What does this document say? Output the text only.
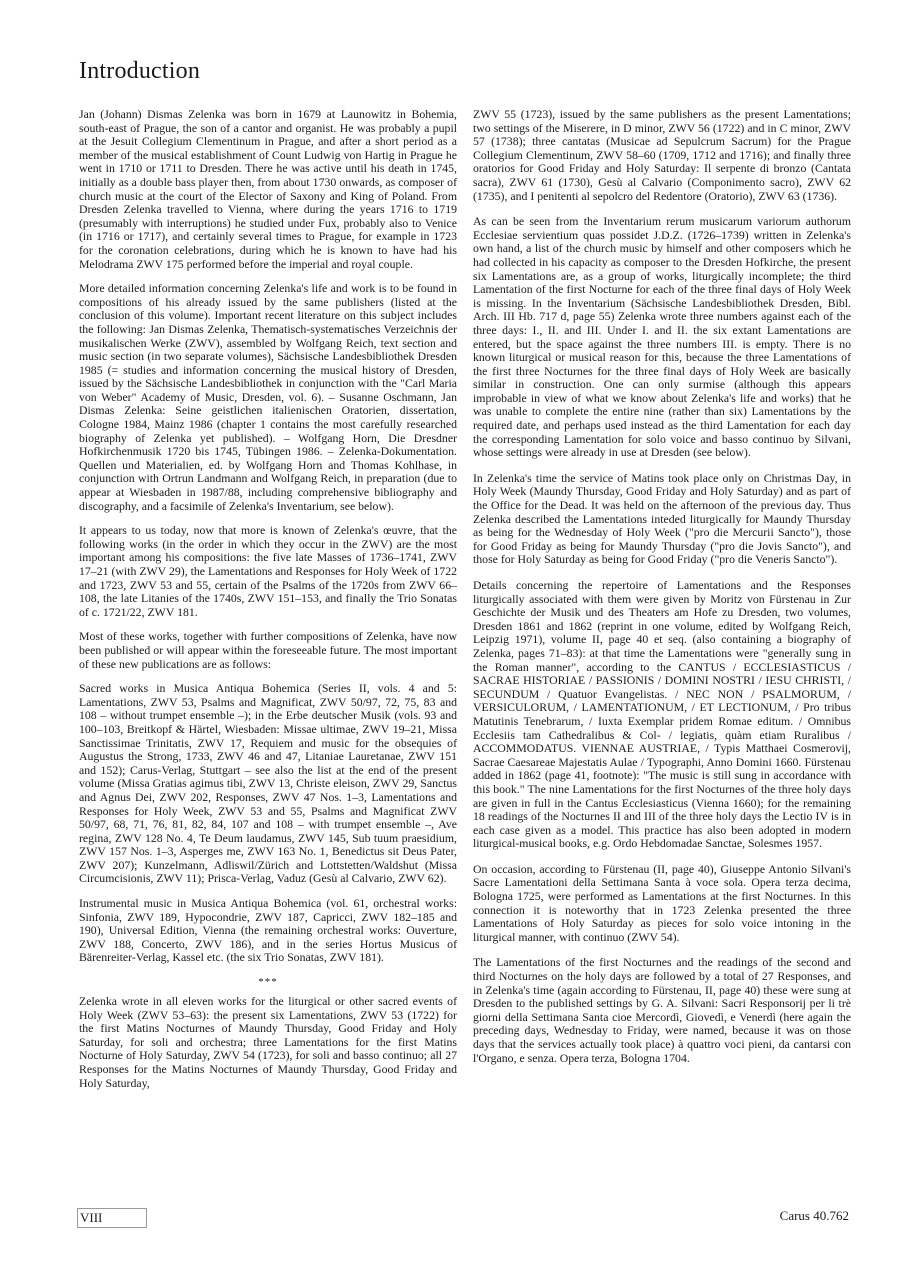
Introduction

Jan (Johann) Dismas Zelenka was born in 1679 at Launowitz in Bohemia, south-east of Prague, the son of a cantor and organist. He was probably a pupil at the Jesuit Collegium Clementinum in Prague, and after a short period as a member of the musical establishment of Count Ludwig von Hartig in Prague he went in 1710 or 1711 to Dresden. There he was active until his death in 1745, initially as a double bass player then, from about 1730 onwards, as composer of church music at the court of the Elector of Saxony and King of Poland. From Dresden Zelenka travelled to Vienna, where during the years 1716 to 1719 (presumably with interruptions) he studied under Fux, probably also to Venice (in 1716 or 1717), and certainly several times to Prague, for example in 1723 for the coronation celebrations, during which he is known to have had his Melodrama ZWV 175 performed before the imperial and royal couple.

More detailed information concerning Zelenka's life and work is to be found in compositions of his already issued by the same publishers (listed at the conclusion of this volume). Important recent literature on this subject includes the following: Jan Dismas Zelenka, Thematisch-systematisches Verzeichnis der musikalischen Werke (ZWV), assembled by Wolfgang Reich, text section and music section (in two separate volumes), Sächsische Landesbibliothek Dresden 1985 (= studies and information concerning the musical history of Dresden, issued by the Sächsische Landesbibliothek in conjunction with the "Carl Maria von Weber" Academy of Music, Dresden, vol. 6). – Susanne Oschmann, Jan Dismas Zelenka: Seine geistlichen italienischen Oratorien, dissertation, Cologne 1984, Mainz 1986 (chapter 1 contains the most carefully researched biography of Zelenka yet published). – Wolfgang Horn, Die Dresdner Hofkirchenmusik 1720 bis 1745, Tübingen 1986. – Zelenka-Dokumentation. Quellen und Materialien, ed. by Wolfgang Horn and Thomas Kohlhase, in conjunction with Ortrun Landmann and Wolfgang Reich, in preparation (due to appear at Wiesbaden in 1987/88, including comprehensive bibliography and discography, and a facsimile of Zelenka's Inventarium, see below).

It appears to us today, now that more is known of Zelenka's œuvre, that the following works (in the order in which they occur in the ZWV) are the most important among his compositions: the five late Masses of 1736–1741, ZWV 17–21 (with ZWV 29), the Lamentations and Responses for Holy Week of 1722 and 1723, ZWV 53 and 55, certain of the Psalms of the 1720s from ZWV 66–108, the late Litanies of the 1740s, ZWV 151–153, and finally the Trio Sonatas of c. 1721/22, ZWV 181.

Most of these works, together with further compositions of Zelenka, have now been published or will appear within the foreseeable future. The most important of these new publications are as follows:

Sacred works in Musica Antiqua Bohemica (Series II, vols. 4 and 5: Lamentations, ZWV 53, Psalms and Magnificat, ZWV 50/97, 72, 75, 83 and 108 – without trumpet ensemble –); in the Erbe deutscher Musik (vols. 93 and 100–103, Breitkopf & Härtel, Wiesbaden: Missae ultimae, ZWV 19–21, Missa Sanctissimae Trinitatis, ZWV 17, Requiem and music for the obsequies of Augustus the Strong, 1733, ZWV 46 and 47, Litaniae Lauretanae, ZWV 151 and 152); Carus-Verlag, Stuttgart – see also the list at the end of the present volume (Missa Gratias agimus tibi, ZWV 13, Christe eleison, ZWV 29, Sanctus and Agnus Dei, ZWV 202, Responses, ZWV 47 Nos. 1–3, Lamentations and Responses for Holy Week, ZWV 53 and 55, Psalms and Magnificat ZWV 50/97, 68, 71, 76, 81, 82, 84, 107 and 108 – with trumpet ensemble –, Ave regina, ZWV 128 No. 4, Te Deum laudamus, ZWV 145, Sub tuum praesidium, ZWV 157 Nos. 1–3, Asperges me, ZWV 163 No. 1, Benedictus sit Deus Pater, ZWV 207); Kunzelmann, Adliswil/Zürich and Lottstetten/Waldshut (Missa Circumcisionis, ZWV 11); Prisca-Verlag, Vaduz (Gesù al Calvario, ZWV 62).

Instrumental music in Musica Antiqua Bohemica (vol. 61, orchestral works: Sinfonia, ZWV 189, Hypocondrie, ZWV 187, Capricci, ZWV 182–185 and 190), Universal Edition, Vienna (the remaining orchestral works: Ouverture, ZWV 188, Concerto, ZWV 186), and in the series Hortus Musicus of Bärenreiter-Verlag, Kassel etc. (the six Trio Sonatas, ZWV 181).

***

Zelenka wrote in all eleven works for the liturgical or other sacred events of Holy Week (ZWV 53–63): the present six Lamentations, ZWV 53 (1722) for the first Matins Nocturnes of Maundy Thursday, Good Friday and Holy Saturday, for soli and orchestra; three Lamentations for the first Matins Nocturne of Holy Saturday, ZWV 54 (1723), for soli and basso continuo; all 27 Responses for the Matins Nocturnes of Maundy Thursday, Good Friday and Holy Saturday,

ZWV 55 (1723), issued by the same publishers as the present Lamentations; two settings of the Miserere, in D minor, ZWV 56 (1722) and in C minor, ZWV 57 (1738); three cantatas (Musicae ad Sepulcrum Sacrum) for the Prague Collegium Clementinum, ZWV 58–60 (1709, 1712 and 1716); and finally three oratorios for Good Friday and Holy Saturday: Il serpente di bronzo (Cantata sacra), ZWV 61 (1730), Gesù al Calvario (Componimento sacro), ZWV 62 (1735), and I penitenti al sepolcro del Redentore (Oratorio), ZWV 63 (1736).

As can be seen from the Inventarium rerum musicarum variorum authorum Ecclesiae servientium quas possidet J.D.Z. (1726–1739) written in Zelenka's own hand, a list of the church music by himself and other composers which he had collected in his capacity as composer to the Dresden Hofkirche, the present six Lamentations are, as a group of works, liturgically incomplete; the third Lamentation of the first Nocturne for each of the three final days of Holy Week is missing. In the Inventarium (Sächsische Landesbibliothek Dresden, Bibl. Arch. III Hb. 717 d, page 55) Zelenka wrote three numbers against each of the three days: I., II. and III. Under I. and II. the six extant Lamentations are entered, but the space against the three numbers III. is empty. There is no known liturgical or musical reason for this, because the three Lamentations of the first three Nocturnes for the three final days of Holy Week are basically similar in construction. One can only surmise (although this appears improbable in view of what we know about Zelenka's life and works) that he was unable to complete the entire nine (rather than six) Lamentations by the required date, and perhaps used instead as the third Lamentation for each day the corresponding Lamentation for solo voice and basso continuo by Silvani, whose settings were already in use at Dresden (see below).

In Zelenka's time the service of Matins took place only on Christmas Day, in Holy Week (Maundy Thursday, Good Friday and Holy Saturday) and as part of the Office for the Dead. It was held on the afternoon of the previous day. Thus Zelenka described the Lamentations inteded liturgically for Maundy Thursday as being for the Wednesday of Holy Week ("pro die Mercurii Sancto"), those for Good Friday as being for Maundy Thursday ("pro die Jovis Sancto"), and those for Holy Saturday as being for Good Friday ("pro die Veneris Sancto").

Details concerning the repertoire of Lamentations and the Responses liturgically associated with them were given by Moritz von Fürstenau in Zur Geschichte der Musik und des Theaters am Hofe zu Dresden, two volumes, Dresden 1861 and 1862 (reprint in one volume, edited by Wolfgang Reich, Leipzig 1971), volume II, page 40 et seq. (also containing a biography of Zelenka, pages 71–83): at that time the Lamentations were "generally sung in the Roman manner", according to the CANTUS / ECCLESIASTICUS / SACRAE HISTORIAE / PASSIONIS / DOMINI NOSTRI / IESU CHRISTI, / SECUNDUM / Quatuor Evangelistas. / NEC NON / PSALMORUM, / VERSICULORUM, / LAMENTATIONUM, / ET LECTIONUM, / Pro tribus Matutinis Tenebrarum, / Iuxta Exemplar pridem Romae editum. / Omnibus Ecclesiis tam Cathedralibus & Col- / legiatis, quàm etiam Ruralibus / ACCOMMODATUS. VIENNAE AUSTRIAE, / Typis Matthaei Cosmerovij, Sacrae Caesareae Majestatis Aulae / Typographi, Anno Domini 1660. Fürstenau added in 1862 (page 41, footnote): "The music is still sung in accordance with this book." The nine Lamentations for the first Nocturnes of the three holy days are given in full in the Cantus Ecclesiasticus (Vienna 1660); for the remaining 18 readings of the Nocturnes II and III of the three holy days the Lectio IV is in each case given as a model. This practice has also been adopted in modern liturgical-musical books, e.g. Ordo Hebdomadae Sanctae, Solesmes 1957.

On occasion, according to Fürstenau (II, page 40), Giuseppe Antonio Silvani's Sacre Lamentationi della Settimana Santa à voce sola. Opera terza decima, Bologna 1725, were performed as Lamentations at the first Nocturnes. In this connection it is noteworthy that in 1723 Zelenka presented the three Lamentations of Holy Saturday as pieces for solo voice intoning in the liturgical manner, with continuo (ZWV 54).

The Lamentations of the first Nocturnes and the readings of the second and third Nocturnes on the holy days are followed by a total of 27 Responses, and in Zelenka's time (again according to Fürstenau, II, page 40) these were sung at Dresden to the published settings by G. A. Silvani: Sacri Responsorij per li trè giorni della Settimana Santa cioe Mercordì, Giovedì, e Venerdì (here again the preceding days, Wednesday to Friday, were named, because it was on those days that the services actually took place) à quattro voci pieni, da cantarsi con l'Organo, e senza. Opera terza, Bologna 1704.

VIII	Carus 40.762
